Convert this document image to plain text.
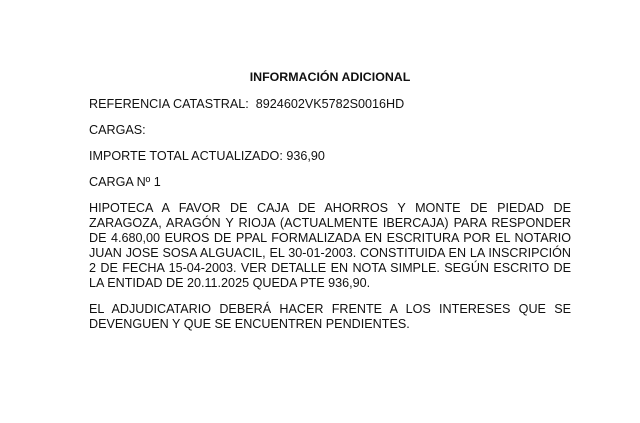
INFORMACIÓN ADICIONAL
REFERENCIA CATASTRAL: 8924602VK5782S0016HD
CARGAS:
IMPORTE TOTAL ACTUALIZADO: 936,90
CARGA Nº 1
HIPOTECA A FAVOR DE CAJA DE AHORROS Y MONTE DE PIEDAD DE ZARAGOZA, ARAGÓN Y RIOJA (ACTUALMENTE IBERCAJA) PARA RESPONDER DE 4.680,00 EUROS DE PPAL FORMALIZADA EN ESCRITURA POR EL NOTARIO JUAN JOSE SOSA ALGUACIL, EL 30-01-2003. CONSTITUIDA EN LA INSCRIPCIÓN 2 DE FECHA 15-04-2003. VER DETALLE EN NOTA SIMPLE. SEGÚN ESCRITO DE LA ENTIDAD DE 20.11.2025 QUEDA PTE 936,90.
EL ADJUDICATARIO DEBERÁ HACER FRENTE A LOS INTERESES QUE SE DEVENGUEN Y QUE SE ENCUENTREN PENDIENTES.
